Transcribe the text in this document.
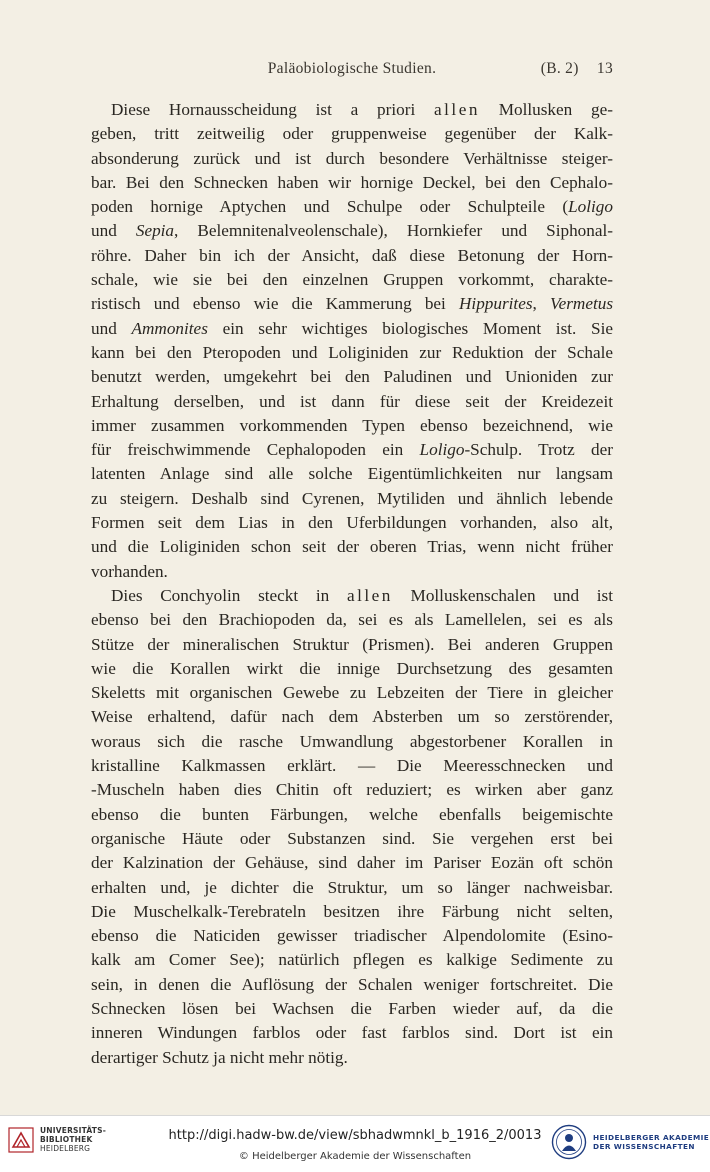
Paläobiologische Studien.	(B. 2) 13
Diese Hornausscheidung ist a priori allen Mollusken ge-
geben, tritt zeitweilig oder gruppenweise gegenüber der Kalk-
absonderung zurück und ist durch besondere Verhältnisse steiger-
bar. Bei den Schnecken haben wir hornige Deckel, bei den Cephalo-
poden hornige Aptychen und Schulpe oder Schulpteile (Loligo
und Sepia, Belemnitenalveolenschale), Hornkiefer und Siphonal-
röhre. Daher bin ich der Ansicht, daß diese Betonung der Horn-
schale, wie sie bei den einzelnen Gruppen vorkommt, charakte-
ristisch und ebenso wie die Kammerung bei Hippurites, Vermetus
und Ammonites ein sehr wichtiges biologisches Moment ist. Sie
kann bei den Pteropoden und Loliginiden zur Reduktion der Schale
benutzt werden, umgekehrt bei den Paludinen und Unioniden zur
Erhaltung derselben, und ist dann für diese seit der Kreidezeit
immer zusammen vorkommenden Typen ebenso bezeichnend, wie
für freischwimmende Cephalopoden ein Loligo-Schulp. Trotz der
latenten Anlage sind alle solche Eigentümlichkeiten nur langsam
zu steigern. Deshalb sind Cyrenen, Mytiliden und ähnlich lebende
Formen seit dem Lias in den Uferbildungen vorhanden, also alt,
und die Loliginiden schon seit der oberen Trias, wenn nicht früher
vorhanden.
Dies Conchyolin steckt in allen Molluskenschalen und ist
ebenso bei den Brachiopoden da, sei es als Lamellelen, sei es als
Stütze der mineralischen Struktur (Prismen). Bei anderen Gruppen
wie die Korallen wirkt die innige Durchsetzung des gesamten
Skeletts mit organischen Gewebe zu Lebzeiten der Tiere in gleicher
Weise erhaltend, dafür nach dem Absterben um so zerstörender,
woraus sich die rasche Umwandlung abgestorbener Korallen in
kristalline Kalkmassen erklärt. — Die Meeresschnecken und
-Muscheln haben dies Chitin oft reduziert; es wirken aber ganz
ebenso die bunten Färbungen, welche ebenfalls beigemischte
organische Häute oder Substanzen sind. Sie vergehen erst bei
der Kalzination der Gehäuse, sind daher im Pariser Eozän oft schön
erhalten und, je dichter die Struktur, um so länger nachweisbar.
Die Muschelkalk-Terebrateln besitzen ihre Färbung nicht selten,
ebenso die Naticiden gewisser triadischer Alpendolomite (Esino-
kalk am Comer See); natürlich pflegen es kalkige Sedimente zu
sein, in denen die Auflösung der Schalen weniger fortschreitet. Die
Schnecken lösen bei Wachsen die Farben wieder auf, da die
inneren Windungen farblos oder fast farblos sind. Dort ist ein
derartiger Schutz ja nicht mehr nötig.
UNIVERSITÄTS-
BIBLIOTHEK
HEIDELBERG
http://digi.hadw-bw.de/view/sbhadwmnkl_b_1916_2/0013
© Heidelberger Akademie der Wissenschaften
HEIDELBERGER AKADEMIE
DER WISSENSCHAFTEN
